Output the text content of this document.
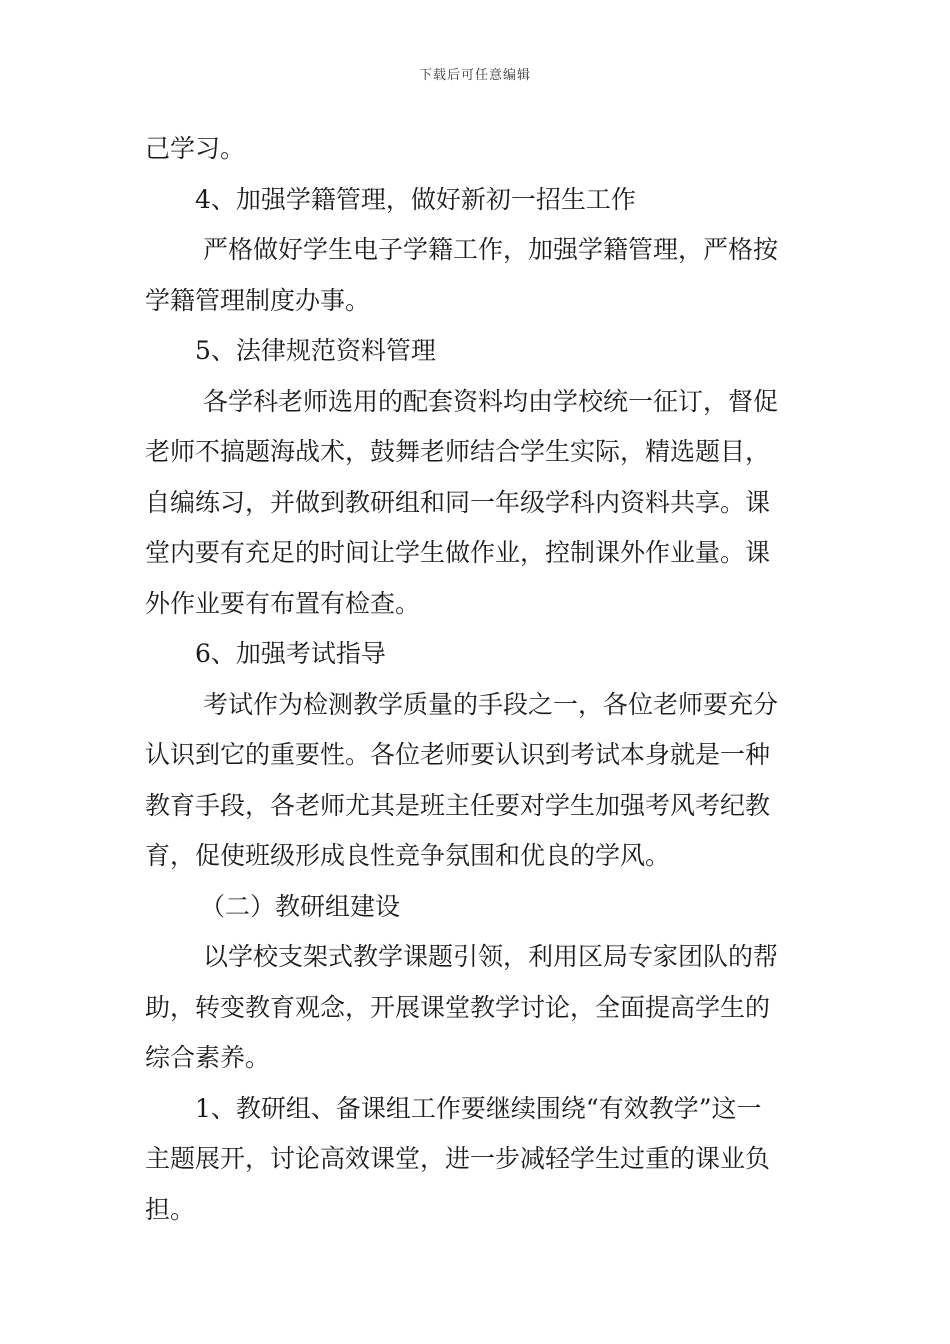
下载后可任意编辑
己学习。
4、加强学籍管理，做好新初一招生工作
严格做好学生电子学籍工作，加强学籍管理，严格按
学籍管理制度办事。
5、法律规范资料管理
各学科老师选用的配套资料均由学校统一征订，督促
老师不搞题海战术，鼓舞老师结合学生实际，精选题目，
自编练习，并做到教研组和同一年级学科内资料共享。课
堂内要有充足的时间让学生做作业，控制课外作业量。课
外作业要有布置有检查。
6、加强考试指导
考试作为检测教学质量的手段之一，各位老师要充分
认识到它的重要性。各位老师要认识到考试本身就是一种
教育手段，各老师尤其是班主任要对学生加强考风考纪教
育，促使班级形成良性竞争氛围和优良的学风。
（二）教研组建设
以学校支架式教学课题引领，利用区局专家团队的帮
助，转变教育观念，开展课堂教学讨论，全面提高学生的
综合素养。
1、教研组、备课组工作要继续围绕“有效教学”这一
主题展开，讨论高效课堂，进一步减轻学生过重的课业负
担。
